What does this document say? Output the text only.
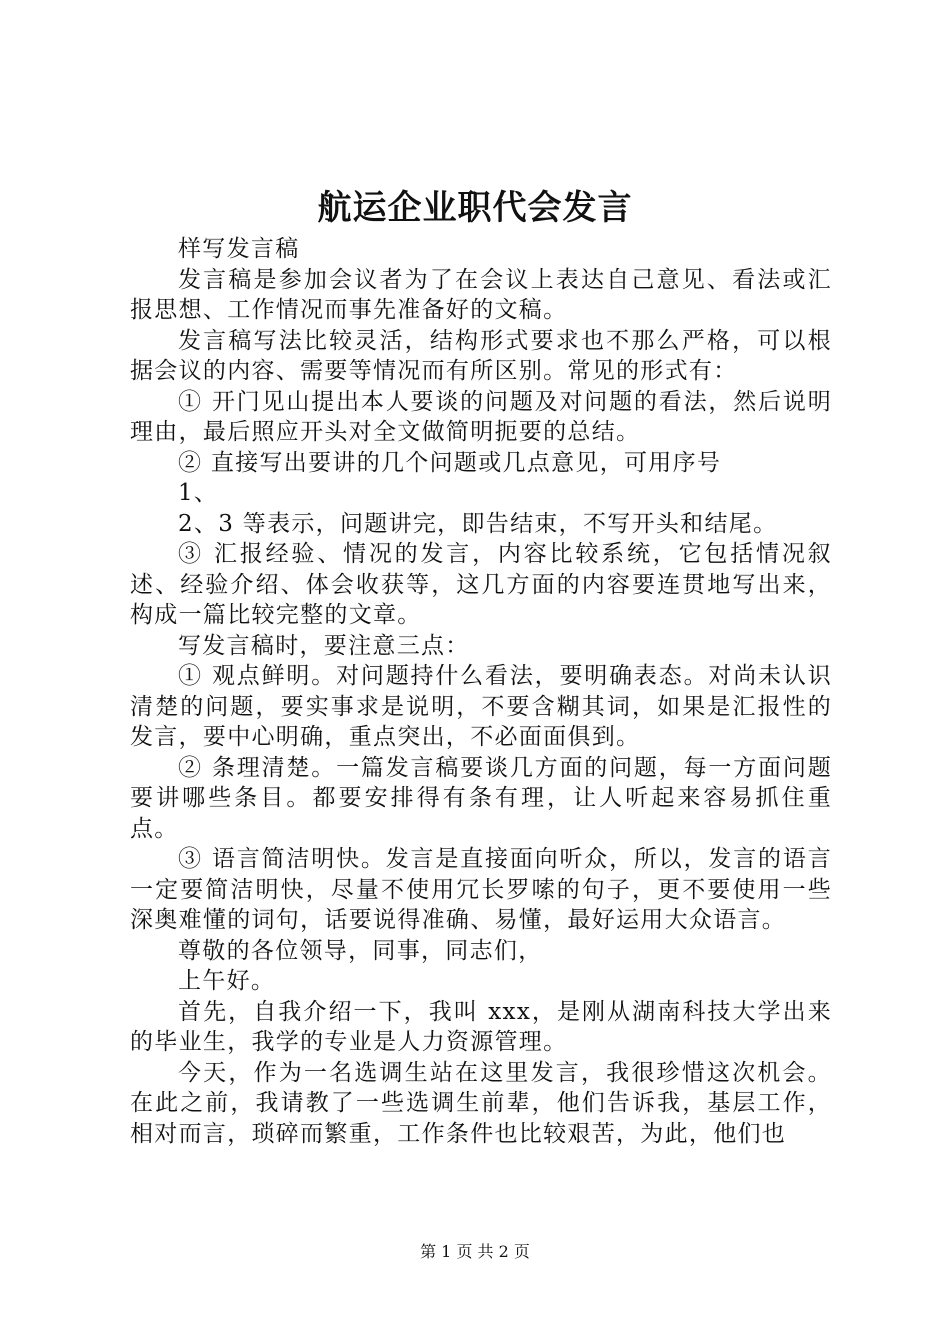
航运企业职代会发言

样写发言稿

发言稿是参加会议者为了在会议上表达自己意见、看法或汇报思想、工作情况而事先准备好的文稿。

发言稿写法比较灵活，结构形式要求也不那么严格，可以根据会议的内容、需要等情况而有所区别。常见的形式有：

① 开门见山提出本人要谈的问题及对问题的看法，然后说明理由，最后照应开头对全文做简明扼要的总结。

② 直接写出要讲的几个问题或几点意见，可用序号

1、

2、3 等表示，问题讲完，即告结束，不写开头和结尾。

③ 汇报经验、情况的发言，内容比较系统，它包括情况叙述、经验介绍、体会收获等，这几方面的内容要连贯地写出来，构成一篇比较完整的文章。

写发言稿时，要注意三点：

① 观点鲜明。对问题持什么看法，要明确表态。对尚未认识清楚的问题，要实事求是说明，不要含糊其词，如果是汇报性的发言，要中心明确，重点突出，不必面面俱到。

② 条理清楚。一篇发言稿要谈几方面的问题，每一方面问题要讲哪些条目。都要安排得有条有理，让人听起来容易抓住重点。

③ 语言简洁明快。发言是直接面向听众，所以，发言的语言一定要简洁明快，尽量不使用冗长罗嗦的句子，更不要使用一些深奥难懂的词句，话要说得准确、易懂，最好运用大众语言。

尊敬的各位领导，同事，同志们，

上午好。

首先，自我介绍一下，我叫 xxx，是刚从湖南科技大学出来的毕业生，我学的专业是人力资源管理。

今天，作为一名选调生站在这里发言，我很珍惜这次机会。在此之前，我请教了一些选调生前辈，他们告诉我，基层工作，相对而言，琐碎而繁重，工作条件也比较艰苦，为此，他们也

第 1 页 共 2 页
